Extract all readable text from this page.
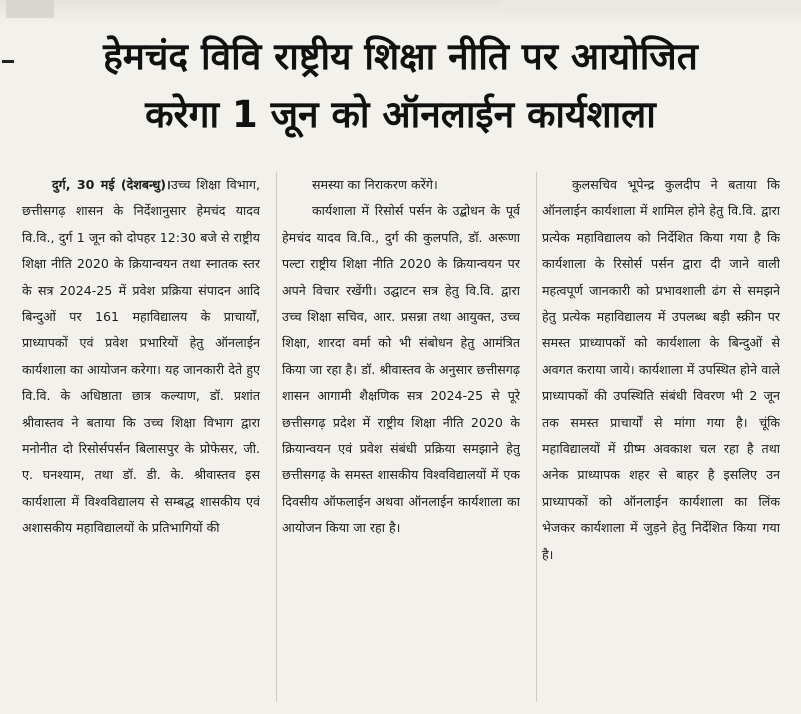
हेमचंद विवि राष्ट्रीय शिक्षा नीति पर आयोजित
करेगा 1 जून को ऑनलाईन कार्यशाला

दुर्ग, 30 मई (देशबन्धु)।उच्च शिक्षा विभाग, छत्तीसगढ़ शासन के निर्देशानुसार हेमचंद यादव वि.वि., दुर्ग 1 जून को दोपहर 12:30 बजे से राष्ट्रीय शिक्षा नीति 2020 के क्रियान्वयन तथा स्नातक स्तर के सत्र 2024-25 में प्रवेश प्रक्रिया संपादन आदि बिन्दुओं पर 161 महाविद्यालय के प्राचार्यों, प्राध्यापकों एवं प्रवेश प्रभारियों हेतु ऑनलाईन कार्यशाला का आयोजन करेगा। यह जानकारी देते हुए वि.वि. के अधिष्ठाता छात्र कल्याण, डॉ. प्रशांत श्रीवास्तव ने बताया कि उच्च शिक्षा विभाग द्वारा मनोनीत दो रिसोर्सपर्सन बिलासपुर के प्रोफेसर, जी. ए. घनश्याम, तथा डॉ. डी. के. श्रीवास्तव इस कार्यशाला में विश्वविद्यालय से सम्बद्ध शासकीय एवं अशासकीय महाविद्यालयों के प्रतिभागियों की

समस्या का निराकरण करेंगे।

कार्यशाला में रिसोर्स पर्सन के उद्बोधन के पूर्व हेमचंद यादव वि.वि., दुर्ग की कुलपति, डॉ. अरूणा पल्टा राष्ट्रीय शिक्षा नीति 2020 के क्रियान्वयन पर अपने विचार रखेंगी। उद्घाटन सत्र हेतु वि.वि. द्वारा उच्च शिक्षा सचिव, आर. प्रसन्ना तथा आयुक्त, उच्च शिक्षा, शारदा वर्मा को भी संबोधन हेतु आमंत्रित किया जा रहा है। डॉ. श्रीवास्तव के अनुसार छत्तीसगढ़ शासन आगामी शैक्षणिक सत्र 2024-25 से पूरे छत्तीसगढ़ प्रदेश में राष्ट्रीय शिक्षा नीति 2020 के क्रियान्वयन एवं प्रवेश संबंधी प्रक्रिया समझाने हेतु छत्तीसगढ़ के समस्त शासकीय विश्वविद्यालयों में एक दिवसीय ऑफलाईन अथवा ऑनलाईन कार्यशाला का आयोजन किया जा रहा है।

कुलसचिव भूपेन्द्र कुलदीप ने बताया कि ऑनलाईन कार्यशाला में शामिल होने हेतु वि.वि. द्वारा प्रत्येक महाविद्यालय को निर्देशित किया गया है कि कार्यशाला के रिसोर्स पर्सन द्वारा दी जाने वाली महत्वपूर्ण जानकारी को प्रभावशाली ढंग से समझने हेतु प्रत्येक महाविद्यालय में उपलब्ध बड़ी स्क्रीन पर समस्त प्राध्यापकों को कार्यशाला के बिन्दुओं से अवगत कराया जाये। कार्यशाला में उपस्थित होने वाले प्राध्यापकों की उपस्थिति संबंधी विवरण भी 2 जून तक समस्त प्राचार्यों से मांगा गया है। चूंकि महाविद्यालयों में ग्रीष्म अवकाश चल रहा है तथा अनेक प्राध्यापक शहर से बाहर है इसलिए उन प्राध्यापकों को ऑनलाईन कार्यशाला का लिंक भेजकर कार्यशाला में जुड़ने हेतु निर्देशित किया गया है।
